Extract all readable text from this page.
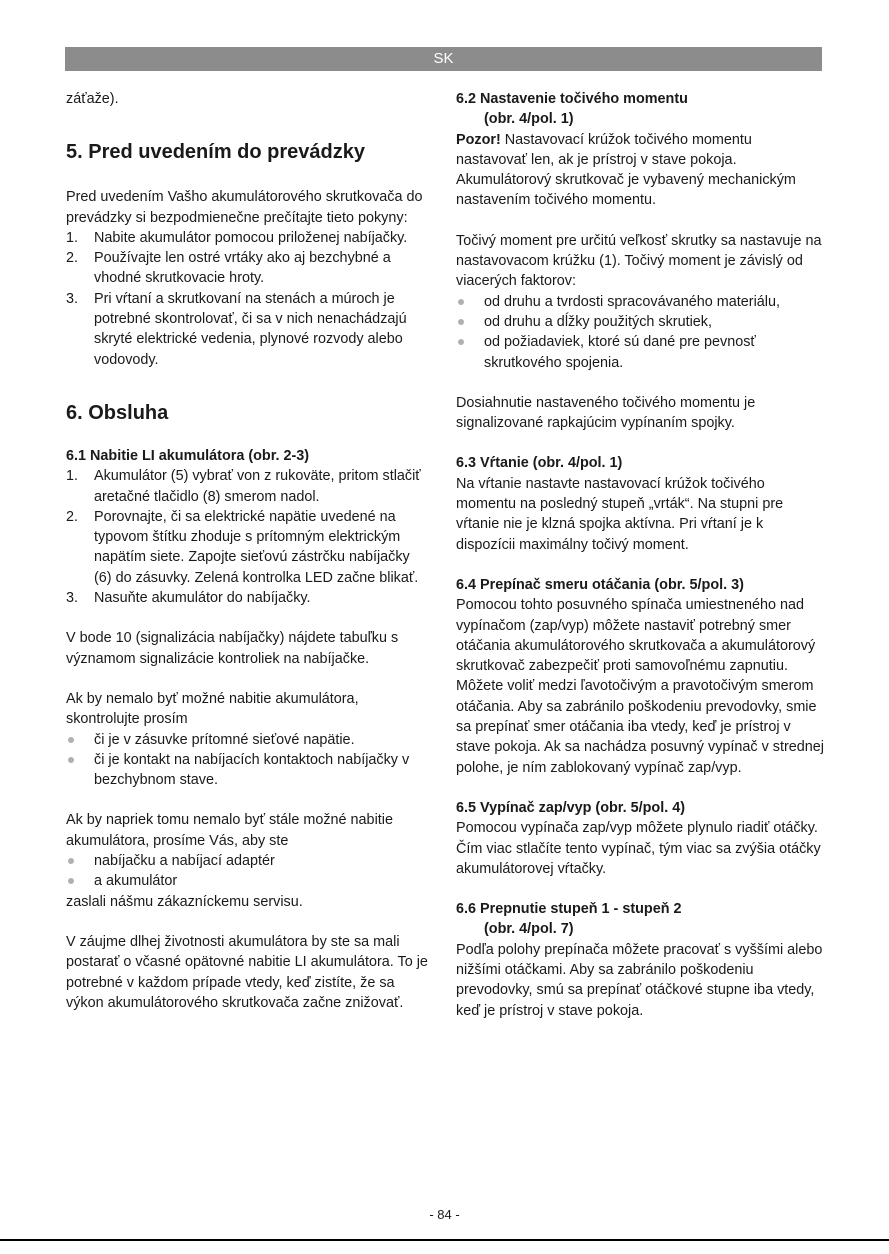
SK

záťaže).

5. Pred uvedením do prevádzky

Pred uvedením Vašho akumulátorového skrutkovača do prevádzky si bezpodmienečne prečítajte tieto pokyny:

1. Nabite akumulátor pomocou priloženej nabíjačky.
2. Používajte len ostré vrtáky ako aj bezchybné a vhodné skrutkovacie hroty.
3. Pri vŕtaní a skrutkovaní na stenách a múroch je potrebné skontrolovať, či sa v nich nenachádzajú skryté elektrické vedenia, plynové rozvody alebo vodovody.

6. Obsluha

6.1 Nabitie LI akumulátora (obr. 2-3)

1. Akumulátor (5) vybrať von z rukoväte, pritom stlačiť aretačné tlačidlo (8) smerom nadol.
2. Porovnajte, či sa elektrické napätie uvedené na typovom štítku zhoduje s prítomným elektrickým napätím siete. Zapojte sieťovú zástrčku nabíjačky (6) do zásuvky. Zelená kontrolka LED začne blikať.
3. Nasuňte akumulátor do nabíjačky.

V bode 10 (signalizácia nabíjačky) nájdete tabuľku s významom signalizácie kontroliek na nabíjačke.

Ak by nemalo byť možné nabitie akumulátora, skontrolujte prosím

či je v zásuvke prítomné sieťové napätie.
či je kontakt na nabíjacích kontaktoch nabíjačky v bezchybnom stave.

Ak by napriek tomu nemalo byť stále možné nabitie akumulátora, prosíme Vás, aby ste

nabíjačku a nabíjací adaptér
a akumulátor

zaslali nášmu zákazníckemu servisu.

V záujme dlhej životnosti akumulátora by ste sa mali postarať o včasné opätovné nabitie LI akumulátora. To je potrebné v každom prípade vtedy, keď zistíte, že sa výkon akumulátorového skrutkovača začne znižovať.

6.2 Nastavenie točivého momentu

(obr. 4/pol. 1)

Pozor! Nastavovací krúžok točivého momentu nastavovať len, ak je prístroj v stave pokoja. Akumulátorový skrutkovač je vybavený mechanickým nastavením točivého momentu.

Točivý moment pre určitú veľkosť skrutky sa nastavuje na nastavovacom krúžku (1). Točivý moment je závislý od viacerých faktorov:

od druhu a tvrdosti spracovávaného materiálu,
od druhu a dĺžky použitých skrutiek,
od požiadaviek, ktoré sú dané pre pevnosť skrutkového spojenia.

Dosiahnutie nastaveného točivého momentu je signalizované rapkajúcim vypínaním spojky.

6.3 Vŕtanie (obr. 4/pol. 1)

Na vŕtanie nastavte nastavovací krúžok točivého momentu na posledný stupeň „vrták“. Na stupni pre vŕtanie nie je klzná spojka aktívna. Pri vŕtaní je k dispozícii maximálny točivý moment.

6.4 Prepínač smeru otáčania (obr. 5/pol. 3)

Pomocou tohto posuvného spínača umiestneného nad vypínačom (zap/vyp) môžete nastaviť potrebný smer otáčania akumulátorového skrutkovača a akumulátorový skrutkovač zabezpečiť proti samovoľnému zapnutiu. Môžete voliť medzi ľavotočivým a pravotočivým smerom otáčania. Aby sa zabránilo poškodeniu prevodovky, smie sa prepínať smer otáčania iba vtedy, keď je prístroj v stave pokoja. Ak sa nachádza posuvný vypínač v strednej polohe, je ním zablokovaný vypínač zap/vyp.

6.5 Vypínač zap/vyp (obr. 5/pol. 4)

Pomocou vypínača zap/vyp môžete plynulo riadiť otáčky. Čím viac stlačíte tento vypínač, tým viac sa zvýšia otáčky akumulátorovej vŕtačky.

6.6 Prepnutie stupeň 1 - stupeň 2

(obr. 4/pol. 7)

Podľa polohy prepínača môžete pracovať s vyššími alebo nižšími otáčkami. Aby sa zabránilo poškodeniu prevodovky, smú sa prepínať otáčkové stupne iba vtedy, keď je prístroj v stave pokoja.

- 84 -
